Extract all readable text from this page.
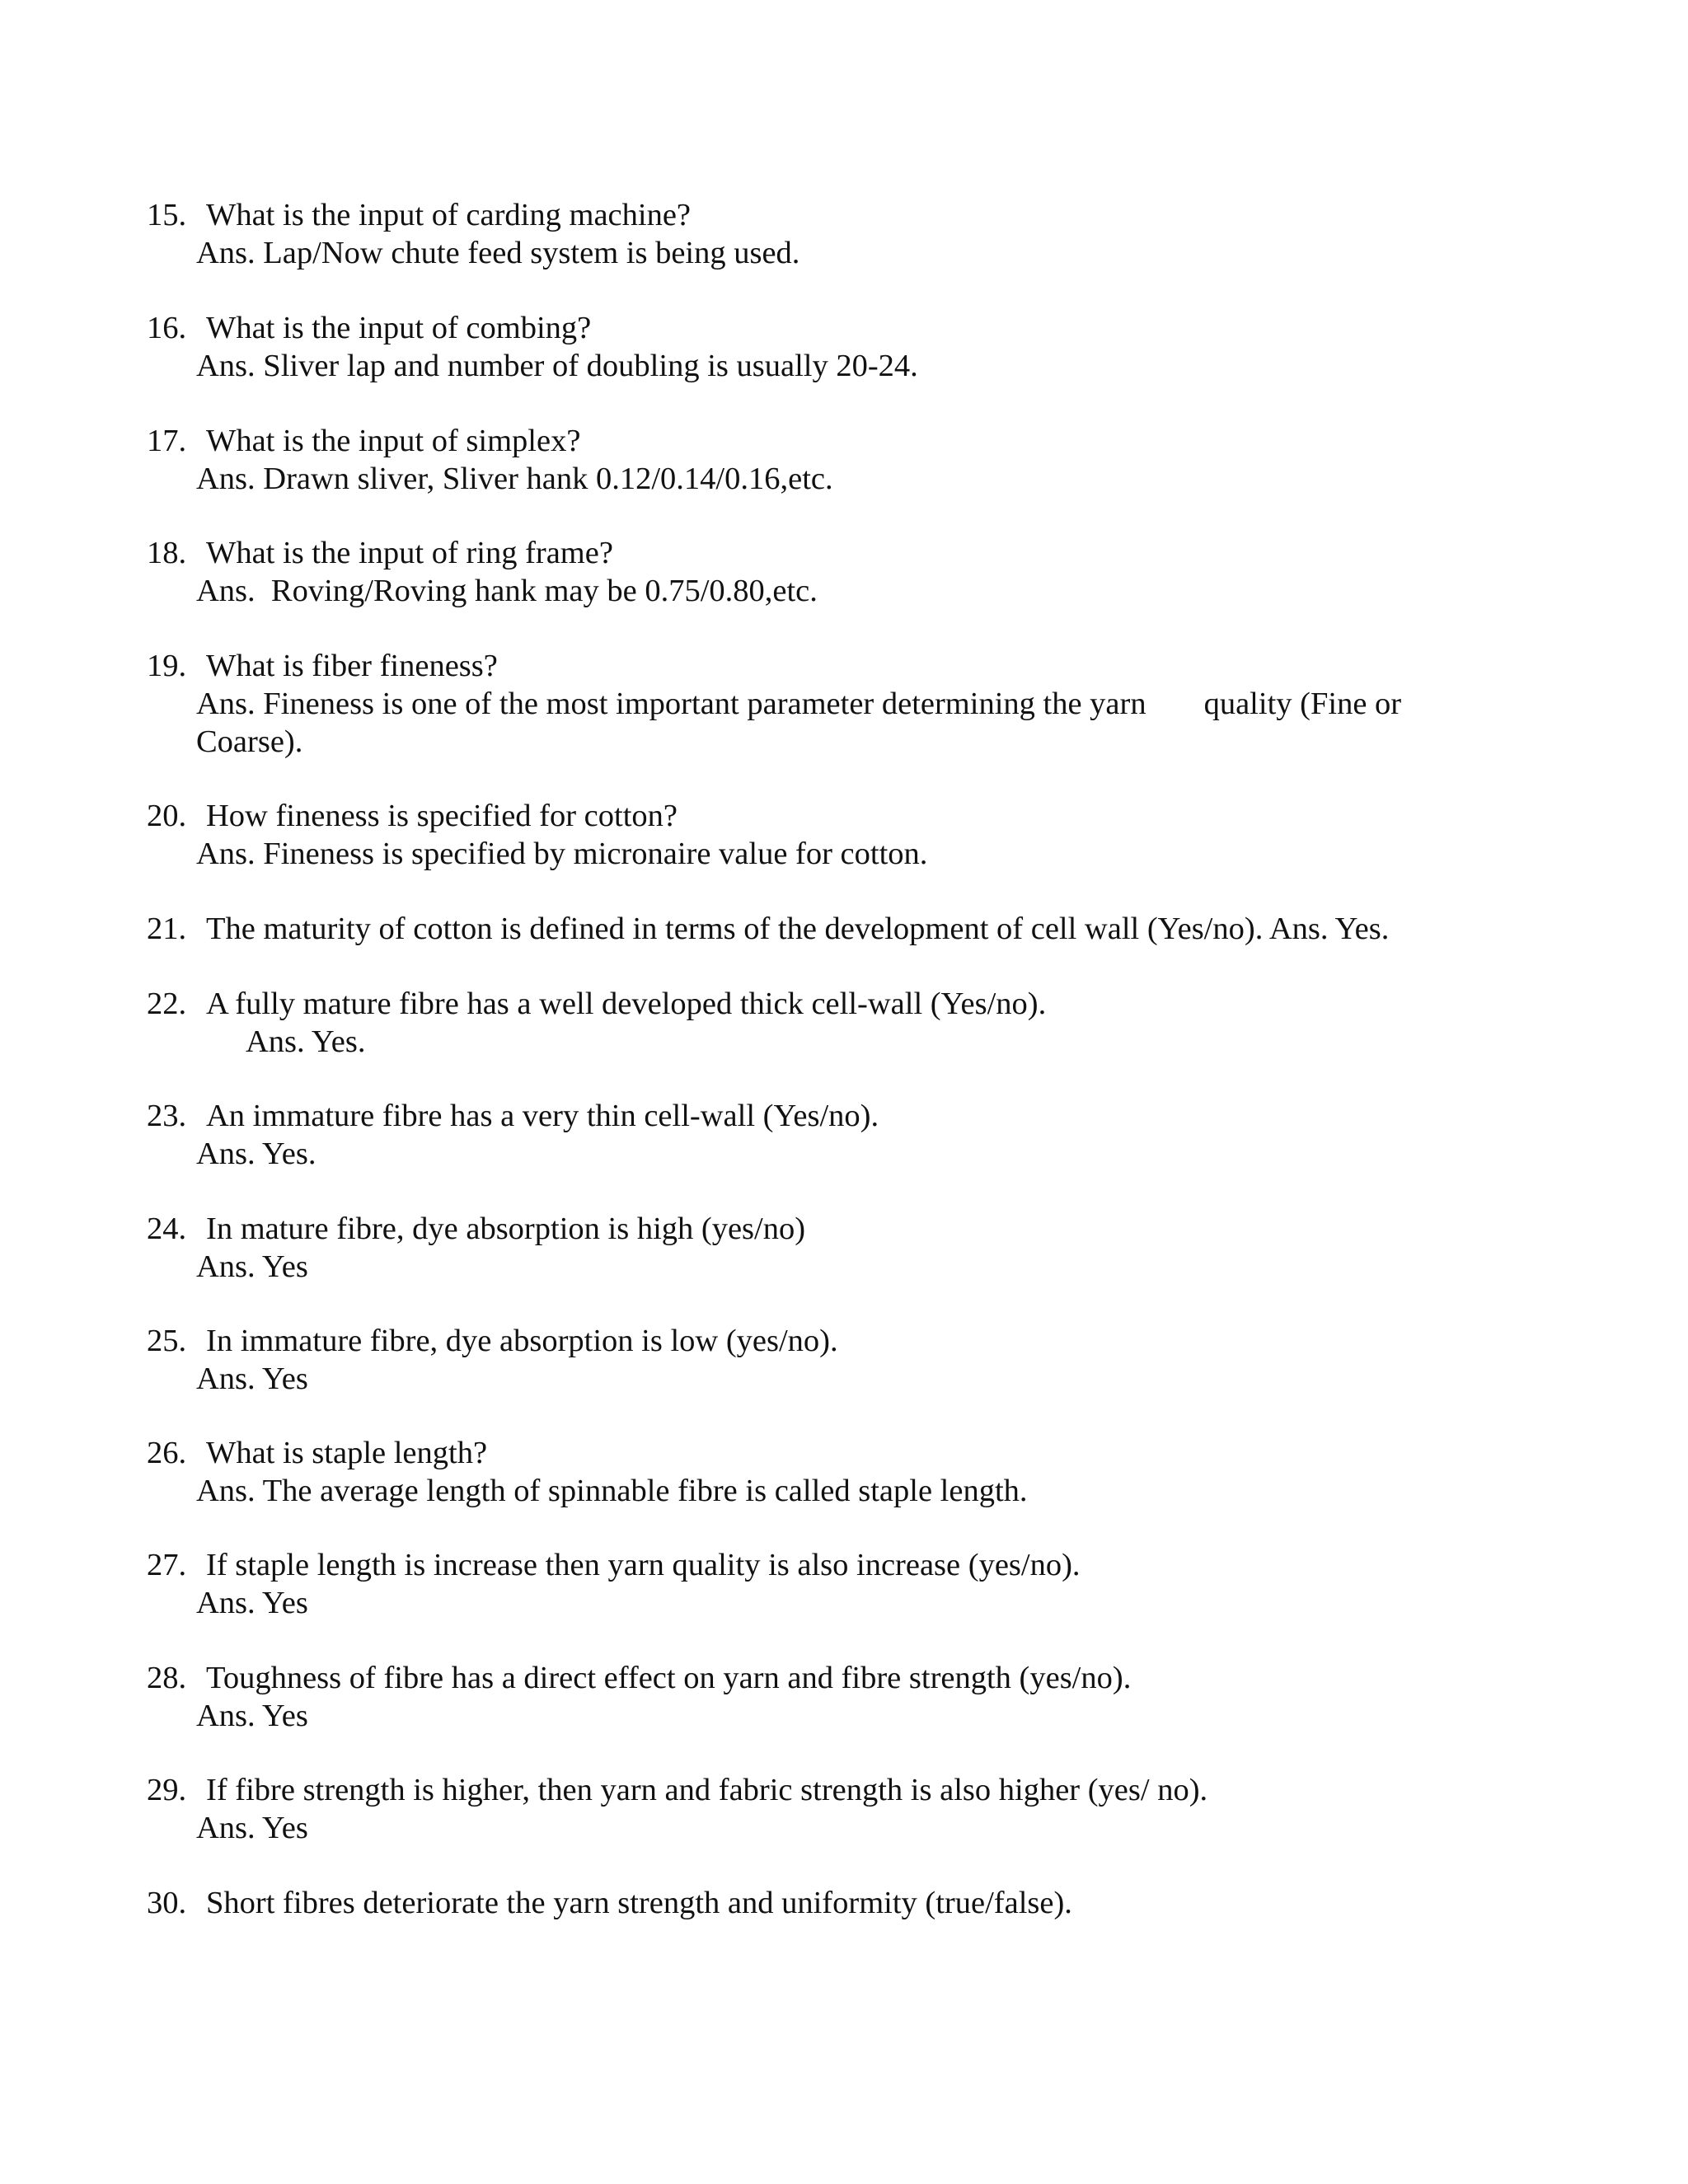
15. What is the input of carding machine?
Ans. Lap/Now chute feed system is being used.
16. What is the input of combing?
Ans. Sliver lap and number of doubling is usually 20-24.
17. What is the input of simplex?
Ans. Drawn sliver, Sliver hank 0.12/0.14/0.16,etc.
18. What is the input of ring frame?
Ans.  Roving/Roving hank may be 0.75/0.80,etc.
19. What is fiber fineness?
Ans. Fineness is one of the most important parameter determining the yarn quality (Fine or
Coarse).
20. How fineness is specified for cotton?
Ans. Fineness is specified by micronaire value for cotton.
21. The maturity of cotton is defined in terms of the development of cell wall (Yes/no). Ans. Yes.
22. A fully mature fibre has a well developed thick cell-wall (Yes/no).
Ans. Yes.
23. An immature fibre has a very thin cell-wall (Yes/no).
Ans. Yes.
24. In mature fibre, dye absorption is high (yes/no)
Ans. Yes
25. In immature fibre, dye absorption is low (yes/no).
Ans. Yes
26. What is staple length?
Ans. The average length of spinnable fibre is called staple length.
27. If staple length is increase then yarn quality is also increase (yes/no).
Ans. Yes
28. Toughness of fibre has a direct effect on yarn and fibre strength (yes/no).
Ans. Yes
29. If fibre strength is higher, then yarn and fabric strength is also higher (yes/ no).
Ans. Yes
30. Short fibres deteriorate the yarn strength and uniformity (true/false).
